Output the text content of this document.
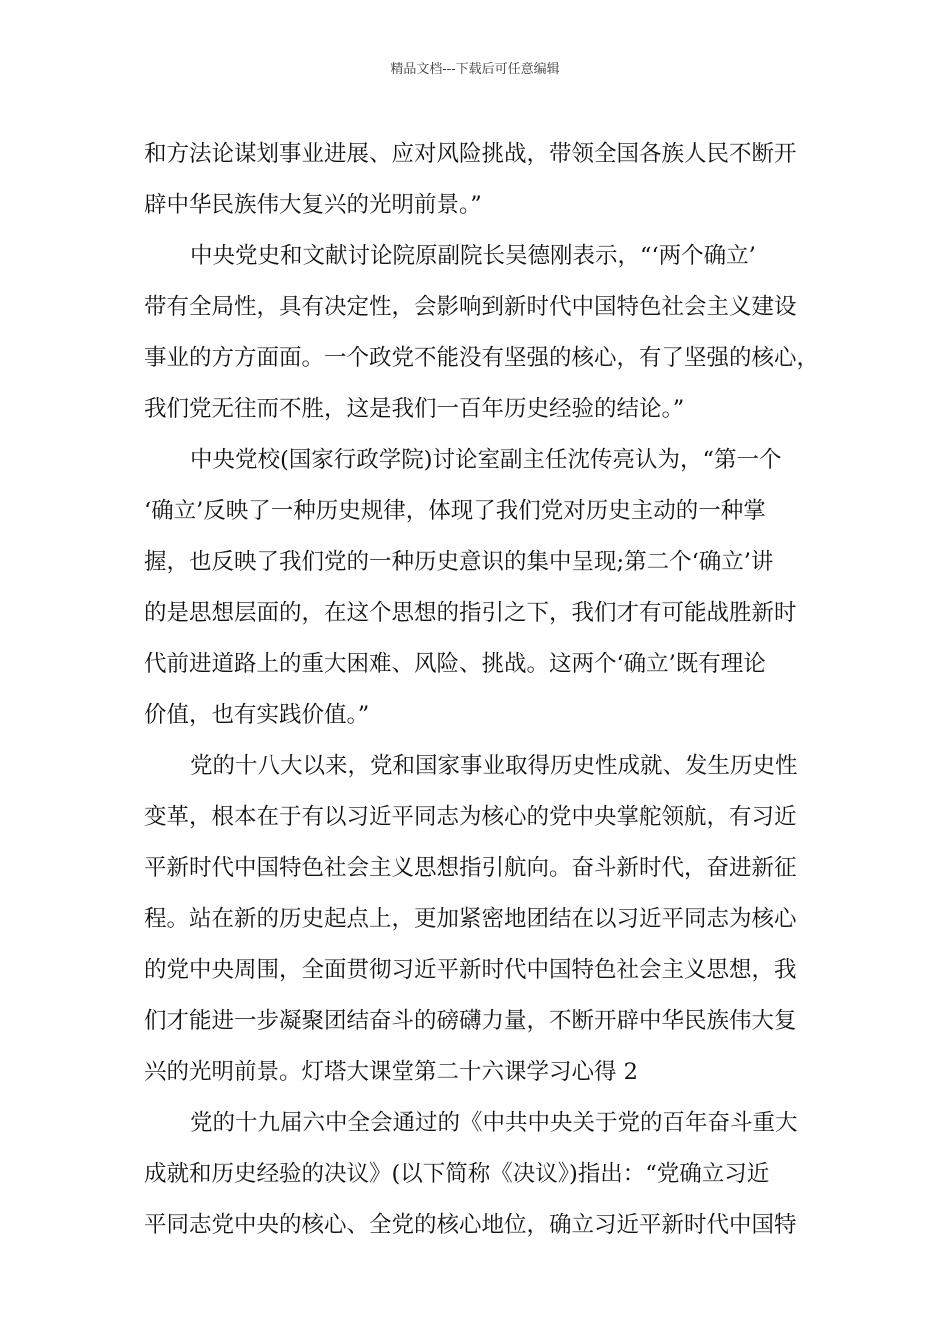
精品文档---下载后可任意编辑
和方法论谋划事业进展、应对风险挑战，带领全国各族人民不断开
辟中华民族伟大复兴的光明前景。”
中央党史和文献讨论院原副院长吴德刚表示，“‘两个确立’
带有全局性，具有决定性，会影响到新时代中国特色社会主义建设
事业的方方面面。一个政党不能没有坚强的核心，有了坚强的核心，
我们党无往而不胜，这是我们一百年历史经验的结论。”
中央党校(国家行政学院)讨论室副主任沈传亮认为，“第一个
‘确立’反映了一种历史规律，体现了我们党对历史主动的一种掌
握，也反映了我们党的一种历史意识的集中呈现;第二个‘确立’讲
的是思想层面的，在这个思想的指引之下，我们才有可能战胜新时
代前进道路上的重大困难、风险、挑战。这两个‘确立’既有理论
价值，也有实践价值。”
党的十八大以来，党和国家事业取得历史性成就、发生历史性
变革，根本在于有以习近平同志为核心的党中央掌舵领航，有习近
平新时代中国特色社会主义思想指引航向。奋斗新时代，奋进新征
程。站在新的历史起点上，更加紧密地团结在以习近平同志为核心
的党中央周围，全面贯彻习近平新时代中国特色社会主义思想，我
们才能进一步凝聚团结奋斗的磅礴力量，不断开辟中华民族伟大复
兴的光明前景。灯塔大课堂第二十六课学习心得 2
党的十九届六中全会通过的《中共中央关于党的百年奋斗重大
成就和历史经验的决议》(以下简称《决议》)指出：“党确立习近
平同志党中央的核心、全党的核心地位，确立习近平新时代中国特
